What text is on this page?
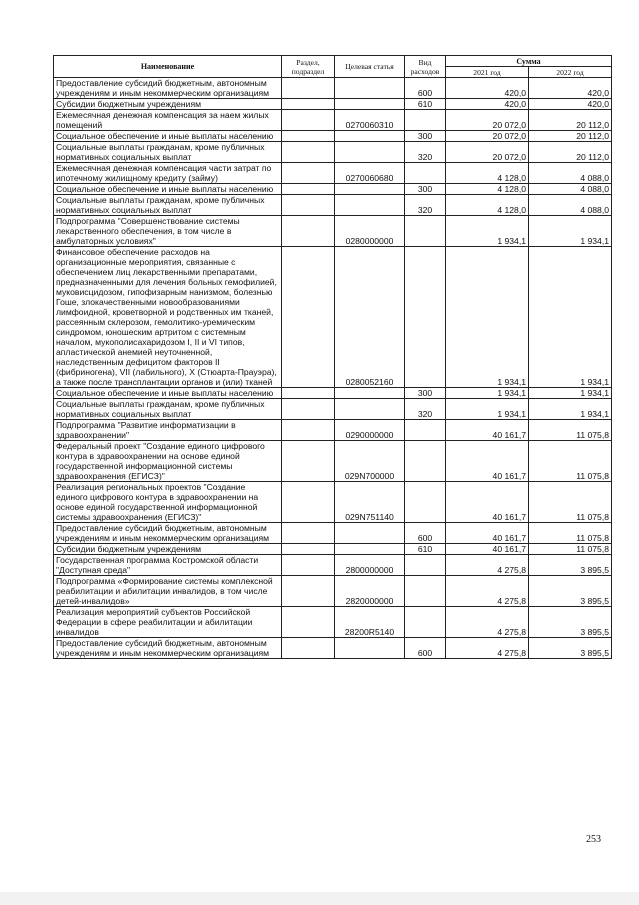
Наименование	Раздел, подраздел	Целевая статья	Вид расходов	Сумма	
				2021 год	2022 год
Предоставление субсидий бюджетным, автономным учреждениям и иным некоммерческим организациям			600	420,0	420,0
Субсидии бюджетным учреждениям			610	420,0	420,0
Ежемесячная денежная компенсация за наем жилых помещений		0270060310		20 072,0	20 112,0
Социальное обеспечение и иные выплаты населению			300	20 072,0	20 112,0
Социальные выплаты гражданам, кроме публичных нормативных социальных выплат			320	20 072,0	20 112,0
Ежемесячная денежная компенсация части затрат по ипотечному жилищному кредиту (займу)		0270060680		4 128,0	4 088,0
Социальное обеспечение и иные выплаты населению			300	4 128,0	4 088,0
Социальные выплаты гражданам, кроме публичных нормативных социальных выплат			320	4 128,0	4 088,0
Подпрограмма "Совершенствование системы лекарственного обеспечения, в том числе в амбулаторных условиях"		0280000000		1 934,1	1 934,1
Финансовое обеспечение расходов на организационные мероприятия, связанные с обеспечением лиц лекарственными препаратами, предназначенными для лечения больных гемофилией, муковисцидозом, гипофизарным нанизмом, болезнью Гоше, злокачественными новообразованиями лимфоидной, кроветворной и родственных им тканей, рассеянным склерозом, гемолитико-уремическим синдромом, юношеским артритом с системным началом, мукополисахаридозом I, II и VI типов, апластической анемией неуточненной, наследственным дефицитом факторов II (фибриногена), VII (лабильного), X (Стюарта-Прауэра), а также после трансплантации органов и (или) тканей		0280052160		1 934,1	1 934,1
Социальное обеспечение и иные выплаты населению			300	1 934,1	1 934,1
Социальные выплаты гражданам, кроме публичных нормативных социальных выплат			320	1 934,1	1 934,1
Подпрограмма "Развитие информатизации в здравоохранении"		0290000000		40 161,7	11 075,8
Федеральный проект "Создание единого цифрового контура в здравоохранении на основе единой государственной информационной системы здравоохранения (ЕГИСЗ)"		029N700000		40 161,7	11 075,8
Реализация региональных проектов "Создание единого цифрового контура в здравоохранении на основе единой государственной информационной системы здравоохранения (ЕГИСЗ)"		029N751140		40 161,7	11 075,8
Предоставление субсидий бюджетным, автономным учреждениям и иным некоммерческим организациям			600	40 161,7	11 075,8
Субсидии бюджетным учреждениям			610	40 161,7	11 075,8
Государственная программа Костромской области "Доступная среда"		2800000000		4 275,8	3 895,5
Подпрограмма «Формирование системы комплексной реабилитации и абилитации инвалидов, в том числе детей-инвалидов»		2820000000		4 275,8	3 895,5
Реализация мероприятий субъектов Российской Федерации в сфере реабилитации и абилитации инвалидов		28200R5140		4 275,8	3 895,5
Предоставление субсидий бюджетным, автономным учреждениям и иным некоммерческим организациям			600	4 275,8	3 895,5
253
